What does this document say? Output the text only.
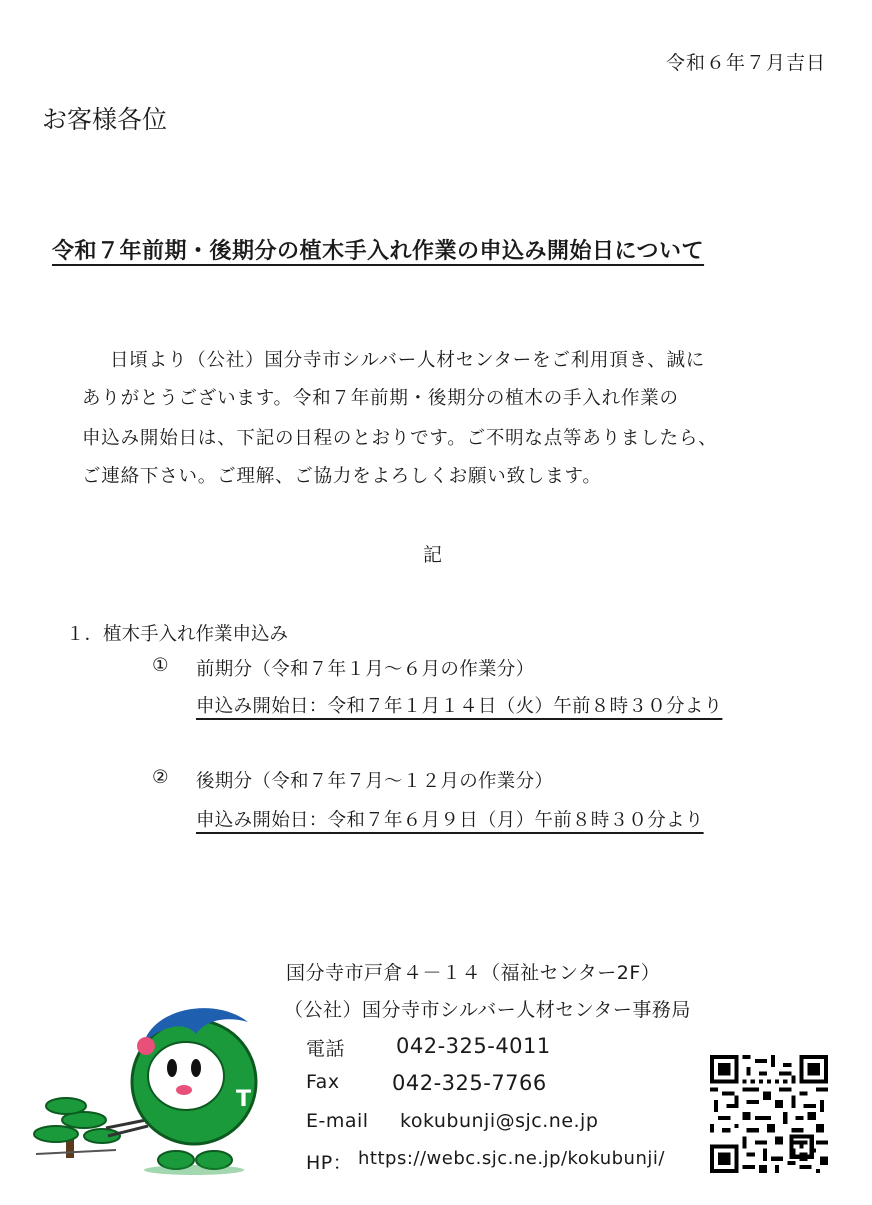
令和６年７月吉日
お客様各位
令和７年前期・後期分の植木手入れ作業の申込み開始日について
日頃より（公社）国分寺市シルバー人材センターをご利用頂き、誠に
ありがとうございます。令和７年前期・後期分の植木の手入れ作業の
申込み開始日は、下記の日程のとおりです。ご不明な点等ありましたら、
ご連絡下さい。ご理解、ご協力をよろしくお願い致します。
記
１．植木手入れ作業申込み
① 前期分（令和７年１月～６月の作業分）
申込み開始日：令和７年１月１４日（火）午前８時３０分より
② 後期分（令和７年７月～１２月の作業分）
申込み開始日：令和７年６月９日（月）午前８時３０分より
国分寺市戸倉４－１４（福祉センター2F）
（公社）国分寺市シルバー人材センター事務局
電話 042-325-4011
Fax 042-325-7766
E-mail kokubunji@sjc.ne.jp
HP： https://webc.sjc.ne.jp/kokubunji/
T
